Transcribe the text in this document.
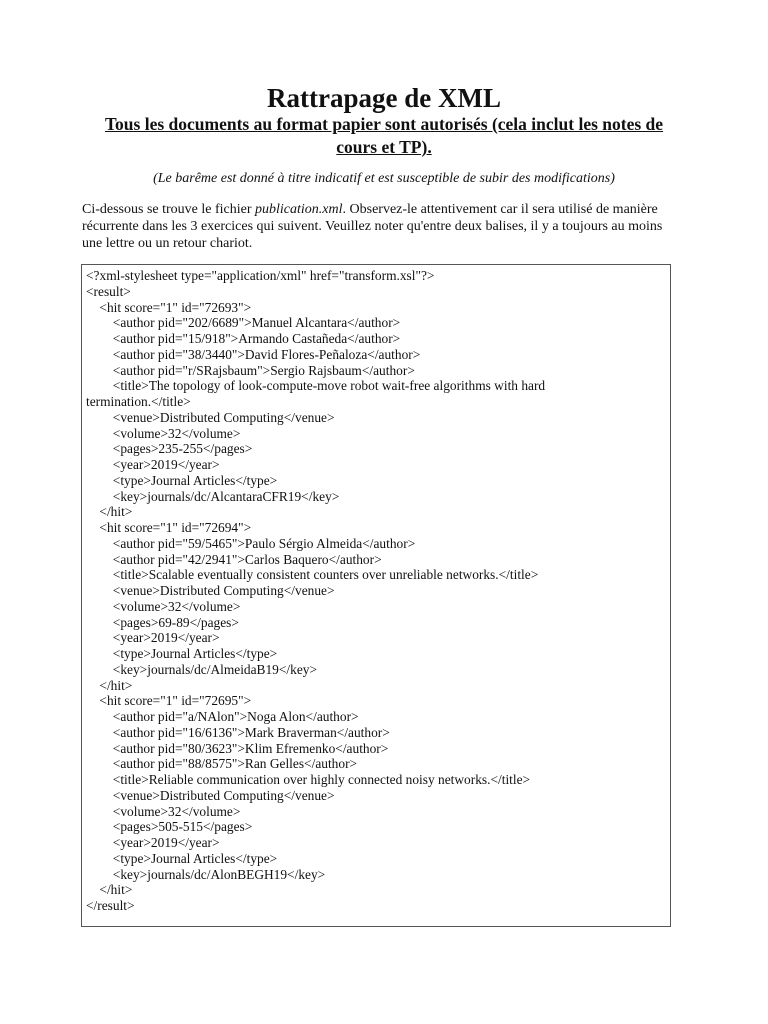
Rattrapage de XML
Tous les documents au format papier sont autorisés (cela inclut les notes de cours et TP).
(Le barême est donné à titre indicatif et est susceptible de subir des modifications)
Ci-dessous se trouve le fichier publication.xml. Observez-le attentivement car il sera utilisé de manière récurrente dans les 3 exercices qui suivent. Veuillez noter qu'entre deux balises, il y a toujours au moins une lettre ou un retour chariot.
<?xml-stylesheet type="application/xml" href="transform.xsl"?>
<result>
<hit score="1" id="72693">
<author pid="202/6689">Manuel Alcantara</author>
<author pid="15/918">Armando Castañeda</author>
<author pid="38/3440">David Flores-Peñaloza</author>
<author pid="r/SRajsbaum">Sergio Rajsbaum</author>
<title>The topology of look-compute-move robot wait-free algorithms with hard
termination.</title>
<venue>Distributed Computing</venue>
<volume>32</volume>
<pages>235-255</pages>
<year>2019</year>
<type>Journal Articles</type>
<key>journals/dc/AlcantaraCFR19</key>
</hit>
<hit score="1" id="72694">
<author pid="59/5465">Paulo Sérgio Almeida</author>
<author pid="42/2941">Carlos Baquero</author>
<title>Scalable eventually consistent counters over unreliable networks.</title>
<venue>Distributed Computing</venue>
<volume>32</volume>
<pages>69-89</pages>
<year>2019</year>
<type>Journal Articles</type>
<key>journals/dc/AlmeidaB19</key>
</hit>
<hit score="1" id="72695">
<author pid="a/NAlon">Noga Alon</author>
<author pid="16/6136">Mark Braverman</author>
<author pid="80/3623">Klim Efremenko</author>
<author pid="88/8575">Ran Gelles</author>
<title>Reliable communication over highly connected noisy networks.</title>
<venue>Distributed Computing</venue>
<volume>32</volume>
<pages>505-515</pages>
<year>2019</year>
<type>Journal Articles</type>
<key>journals/dc/AlonBEGH19</key>
</hit>
</result>
